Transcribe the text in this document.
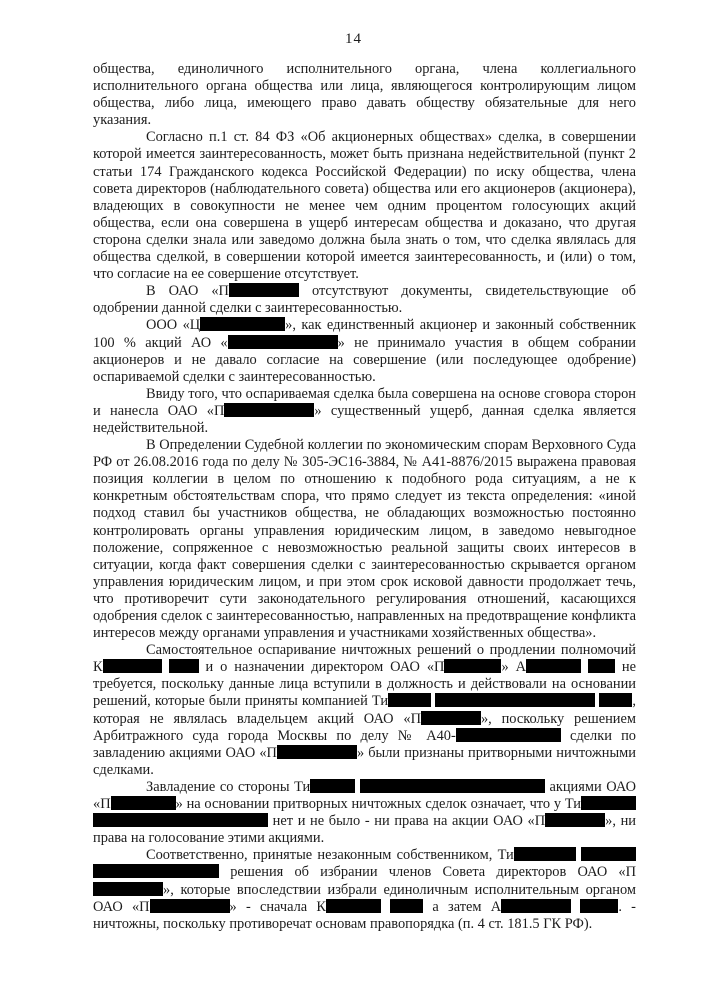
14

общества, единоличного исполнительного органа, члена коллегиального исполнительного органа общества или лица, являющегося контролирующим лицом общества, либо лица, имеющего право давать обществу обязательные для него указания.

Согласно п.1 ст. 84 ФЗ «Об акционерных обществах» сделка, в совершении которой имеется заинтересованность, может быть признана недействительной (пункт 2 статьи 174 Гражданского кодекса Российской Федерации) по иску общества, члена совета директоров (наблюдательного совета) общества или его акционеров (акционера), владеющих в совокупности не менее чем одним процентом голосующих акций общества, если она совершена в ущерб интересам общества и доказано, что другая сторона сделки знала или заведомо должна была знать о том, что сделка являлась для общества сделкой, в совершении которой имеется заинтересованность, и (или) о том, что согласие на ее совершение отсутствует.

В ОАО «П	отсутствуют документы, свидетельствующие об одобрении данной сделки с заинтересованностью.

ООО «Ц	», как единственный акционер и законный собственник 100 % акций АО «	» не принимало участия в общем собрании акционеров и не давало согласие на совершение (или последующее одобрение) оспариваемой сделки с заинтересованностью.

Ввиду того, что оспариваемая сделка была совершена на основе сговора сторон и нанесла ОАО «П	» существенный ущерб, данная сделка является недействительной.

В Определении Судебной коллегии по экономическим спорам Верховного Суда РФ от 26.08.2016 года по делу № 305-ЭС16-3884, № А41-8876/2015 выражена правовая позиция коллегии в целом по отношению к подобного рода ситуациям, а не к конкретным обстоятельствам спора, что прямо следует из текста определения: «иной подход ставил бы участников общества, не обладающих возможностью постоянно контролировать органы управления юридическим лицом, в заведомо невыгодное положение, сопряженное с невозможностью реальной защиты своих интересов в ситуации, когда факт совершения сделки с заинтересованностью скрывается органом управления юридическим лицом, и при этом срок исковой давности продолжает течь, что противоречит сути законодательного регулирования отношений, касающихся одобрения сделок с заинтересованностью, направленных на предотвращение конфликта интересов между органами управления и участниками хозяйственных общества».

Самостоятельное оспаривание ничтожных решений о продлении полномочий К	и о назначении директором ОАО «П	» А	не требуется, поскольку данные лица вступили в должность и действовали на основании решений, которые были приняты компанией Ти	, которая не являлась владельцем акций ОАО «П	», поскольку решением Арбитражного суда города Москвы по делу № А40-	сделки по завладению акциями ОАО «П	» были признаны притворными ничтожными сделками.

Завладение со стороны Ти	акциями ОАО «П	» на основании притворных ничтожных сделок означает, что у Ти  нет и не было - ни права на акции ОАО «П	», ни права на голосование этими акциями.

Соответственно, принятые незаконным собственником, Ти   решения об избрании членов Совета директоров ОАО «П», которые впоследствии избрали единоличным исполнительным органом ОАО «П	» - сначала К	а затем А	. - ничтожны, поскольку противоречат основам правопорядка (п. 4 ст. 181.5 ГК РФ).
